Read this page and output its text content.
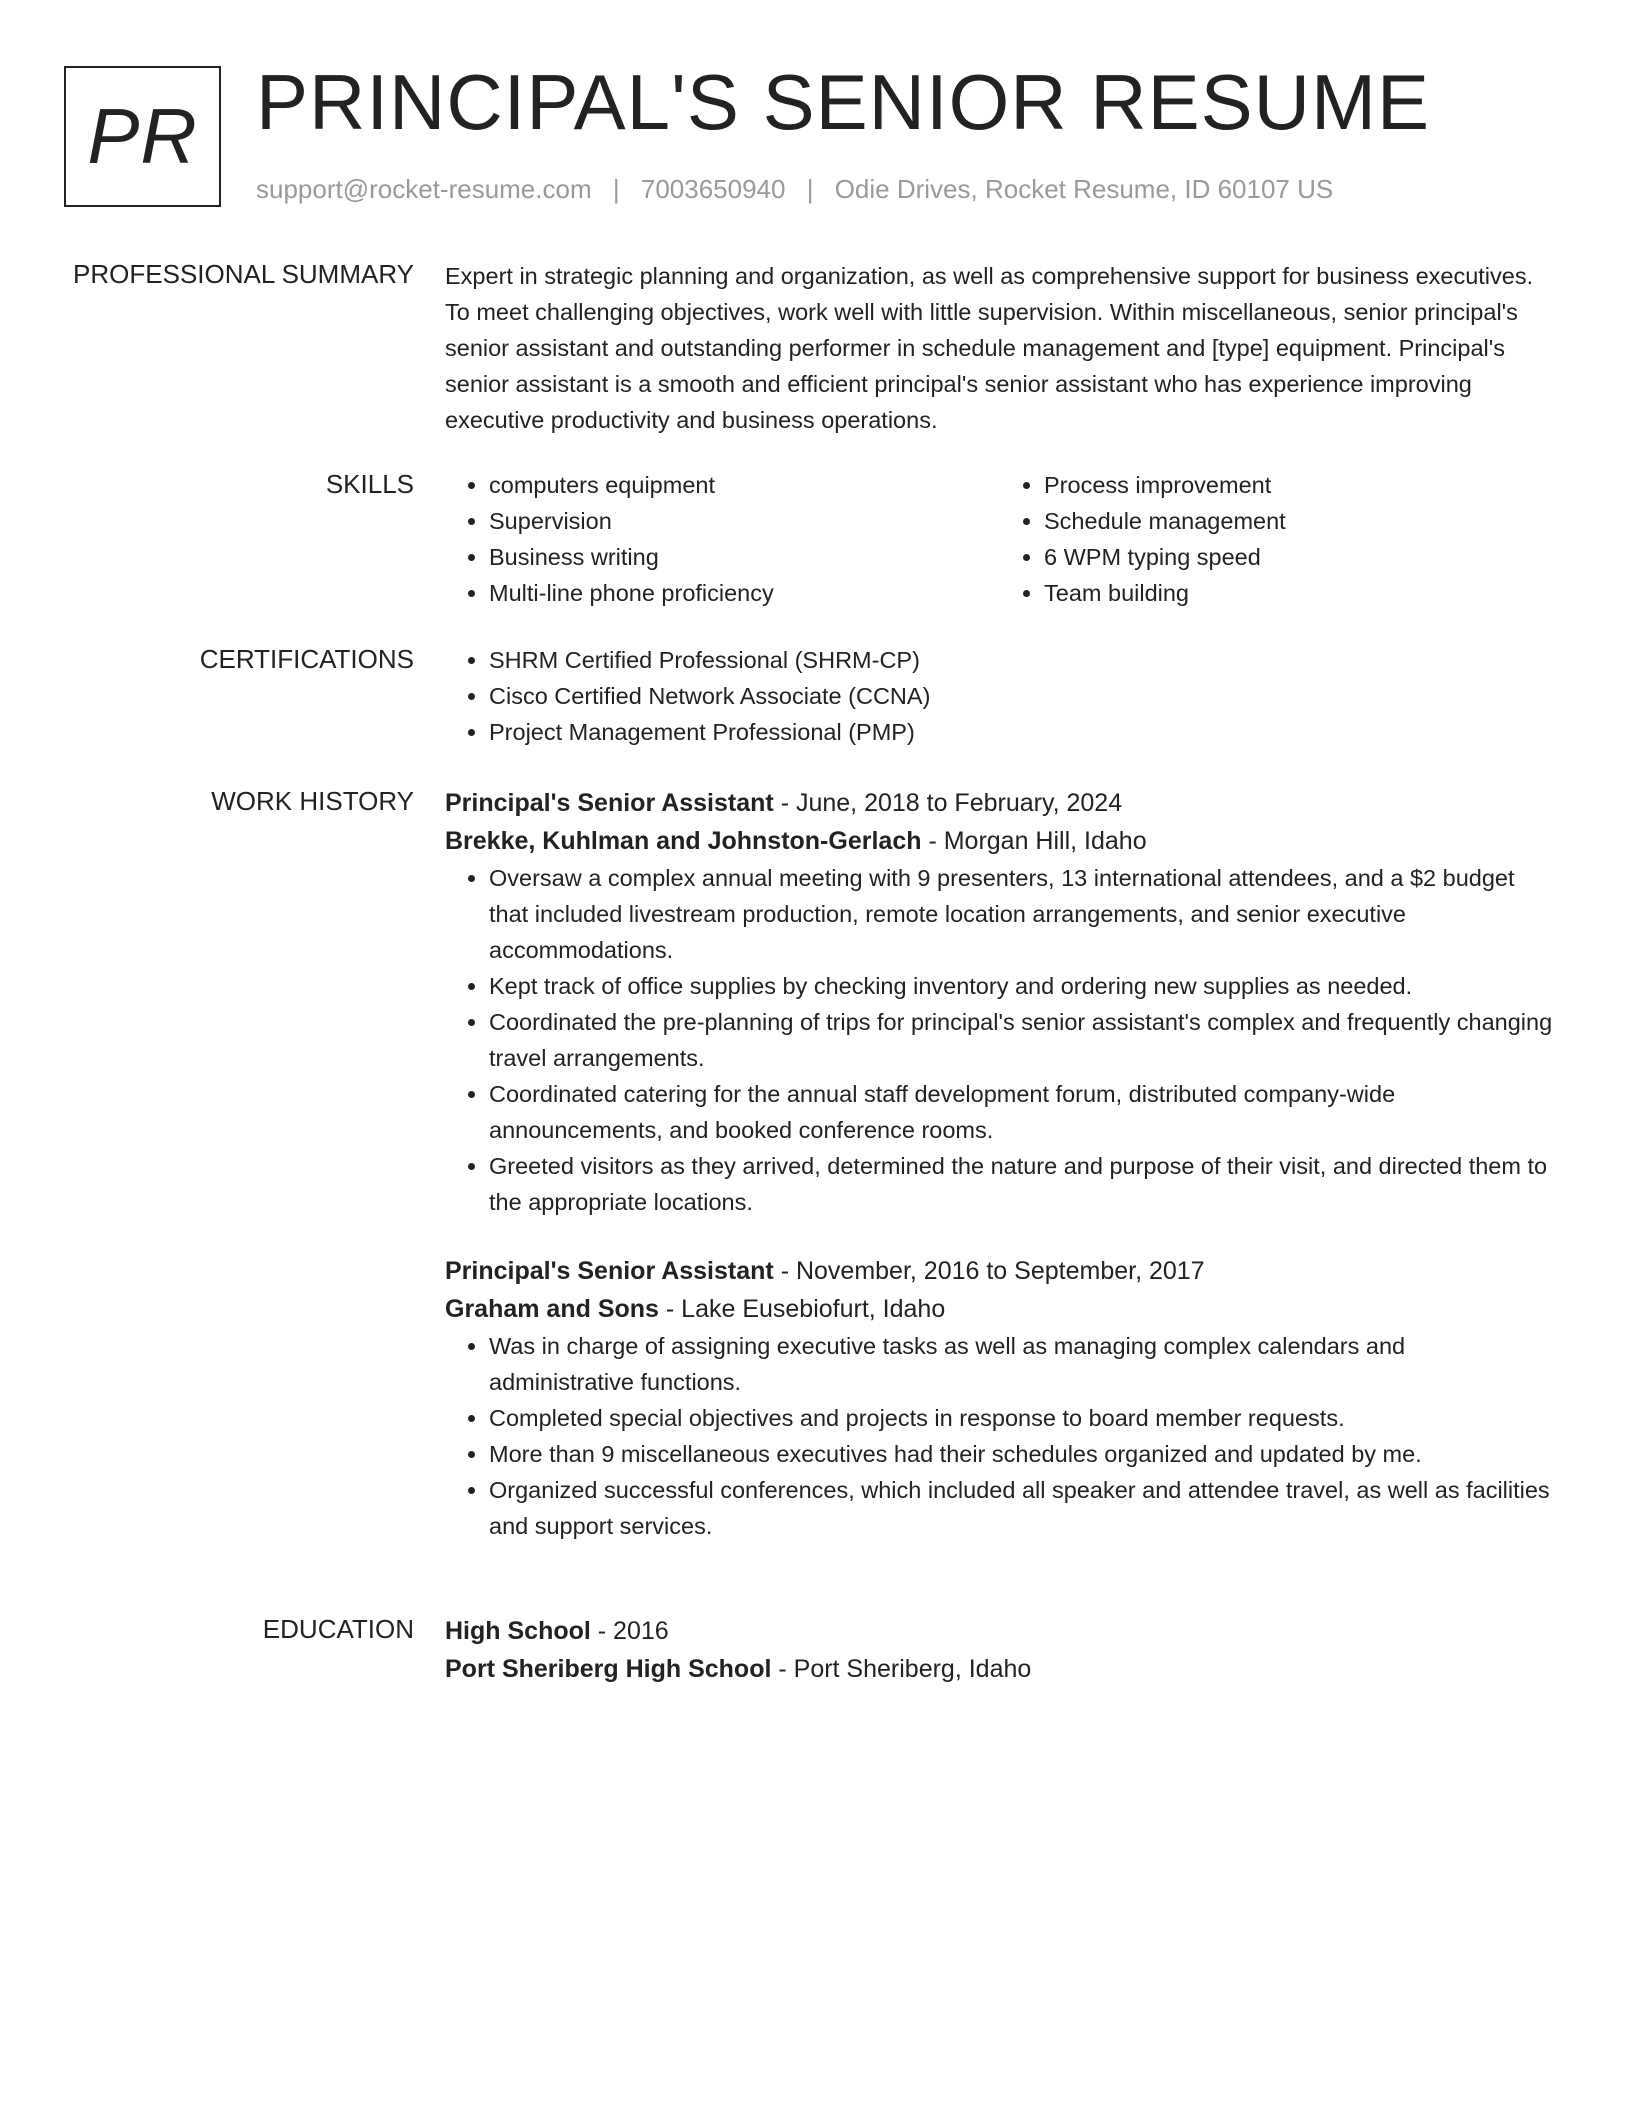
PR PRINCIPAL'S SENIOR RESUME
support@rocket-resume.com | 7003650940 | Odie Drives, Rocket Resume, ID 60107 US
PROFESSIONAL SUMMARY Expert in strategic planning and organization, as well as comprehensive support for business executives. To meet challenging objectives, work well with little supervision. Within miscellaneous, senior principal's senior assistant and outstanding performer in schedule management and [type] equipment. Principal's senior assistant is a smooth and efficient principal's senior assistant who has experience improving executive productivity and business operations.

SKILLS	• computers equipment
• Supervision
• Business writing
• Multi-line phone proficiency
• Process improvement
• Schedule management
• 6 WPM typing speed
• Team building
CERTIFICATIONS	• SHRM Certified Professional (SHRM-CP)
• Cisco Certified Network Associate (CCNA)
• Project Management Professional (PMP)
WORK HISTORY Principal's Senior Assistant - June, 2018 to February, 2024
Brekke, Kuhlman and Johnston-Gerlach - Morgan Hill, Idaho
• Oversaw a complex annual meeting with 9 presenters, 13 international attendees, and a $2 budget that included livestream production, remote location arrangements, and senior executive accommodations.
• Kept track of office supplies by checking inventory and ordering new supplies as needed.
• Coordinated the pre-planning of trips for principal's senior assistant's complex and frequently changing travel arrangements.
• Coordinated catering for the annual staff development forum, distributed company-wide announcements, and booked conference rooms.
• Greeted visitors as they arrived, determined the nature and purpose of their visit, and directed them to the appropriate locations.
Principal's Senior Assistant - November, 2016 to September, 2017
Graham and Sons - Lake Eusebiofurt, Idaho
• Was in charge of assigning executive tasks as well as managing complex calendars and administrative functions.
• Completed special objectives and projects in response to board member requests.
• More than 9 miscellaneous executives had their schedules organized and updated by me.
• Organized successful conferences, which included all speaker and attendee travel, as well as facilities and support services.
EDUCATION High School - 2016
Port Sheriberg High School - Port Sheriberg, Idaho
